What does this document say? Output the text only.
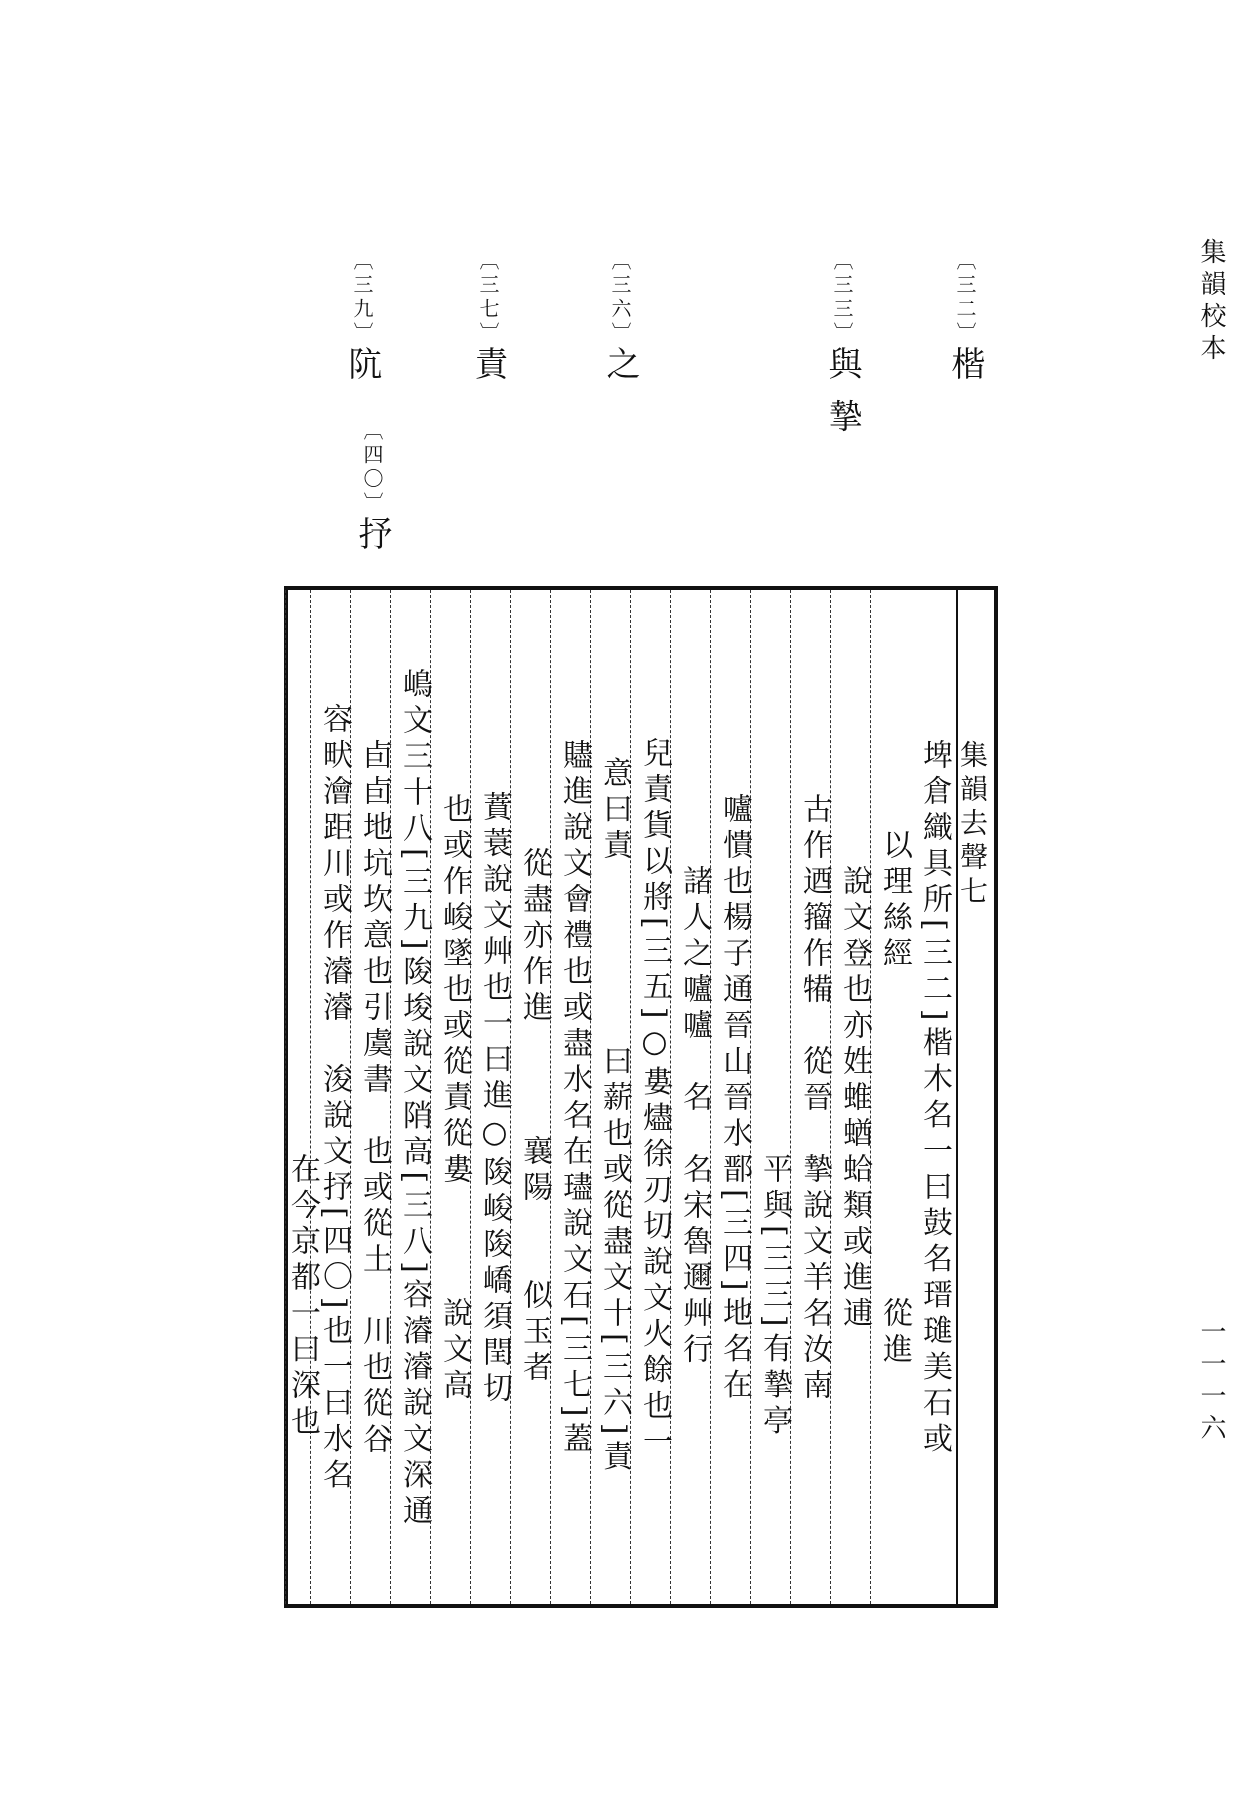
集韻校本
一一一六
〔三二〕楷
〔三三〕與 摯
〔三六〕之
〔三七〕責
〔三九〕阬
〔四〇〕抒
集韻去聲七
埤倉織具所[三二]楷木名一曰鼓名瑨璡美石或
以理絲經　　　　　　　　　從進
說文登也亦姓蜼蝤蛤類或進逋
古作迺籀作犕　從晉　摯說文羊名汝南
　　　　　　　　　　　平與[三三]有摯亭
嚧憒也楊子通晉山晉水鄑[三四]地名在
　諸人之嚧嚧　名　名宋魯邇艸行
兒責貨以將[三五]○婁燼徐刃切說文火餘也一
　意曰責　　　　　曰薪也或從盡文十[三六]責
贐進說文會禮也或盡水名在璶說文石[三七]蓋
　從盡亦作進　　　襄陽　　似玉者
蕡蓑說文艸也一曰進○陖峻陖嶠須閏切
也或作峻墜也或從責從婁　　　說文高
嶋文三十八[三九]陖埈說文陗高[三八]容濬濬說文深通
卣卣地坑坎意也引虞書　也或從土　川也從谷
容畎澮距川或作濬濬　浚說文抒[四〇]也一曰水名
　　　　　　　　　　　在今京都一曰深也
